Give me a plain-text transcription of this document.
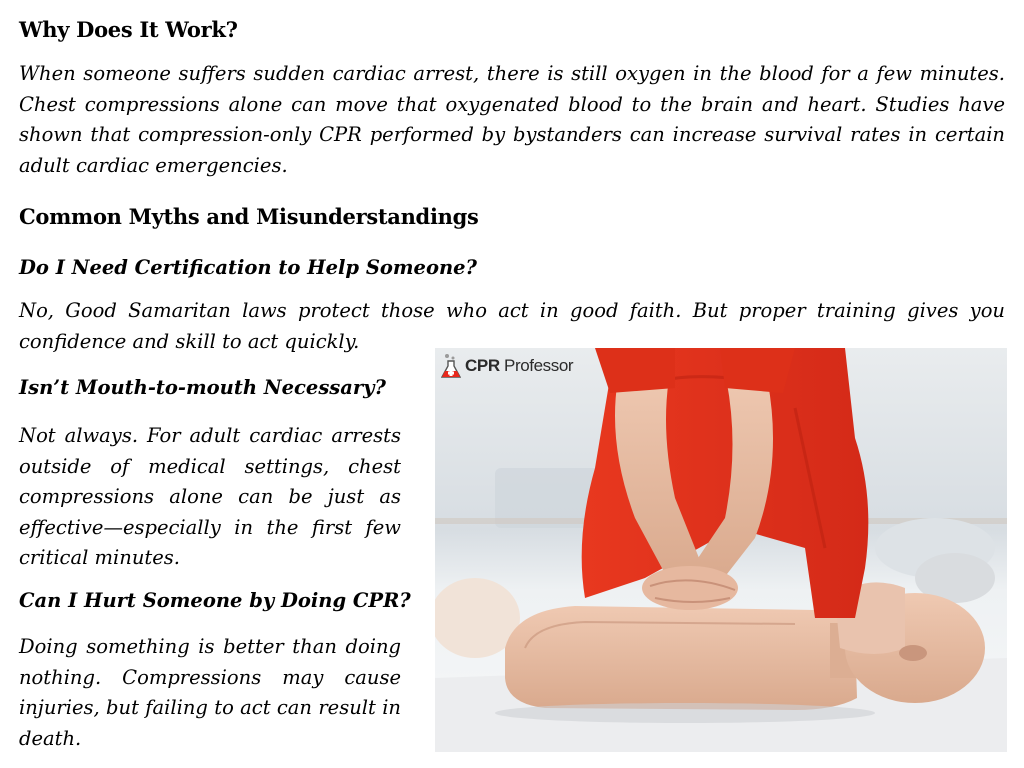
Why Does It Work?

When someone suffers sudden cardiac arrest, there is still oxygen in the blood for a few minutes. Chest compressions alone can move that oxygenated blood to the brain and heart. Studies have shown that compression-only CPR performed by bystanders can increase survival rates in certain adult cardiac emergencies.

Common Myths and Misunderstandings

Do I Need Certification to Help Someone?

No, Good Samaritan laws protect those who act in good faith. But proper training gives you confidence and skill to act quickly.

Isn’t Mouth-to-mouth Necessary?

Not always. For adult cardiac arrests outside of medical settings, chest compressions alone can be just as effective—especially in the first few critical minutes.

Can I Hurt Someone by Doing CPR?

Doing something is better than doing nothing. Compressions may cause injuries, but failing to act can result in death.

CPR Professor
